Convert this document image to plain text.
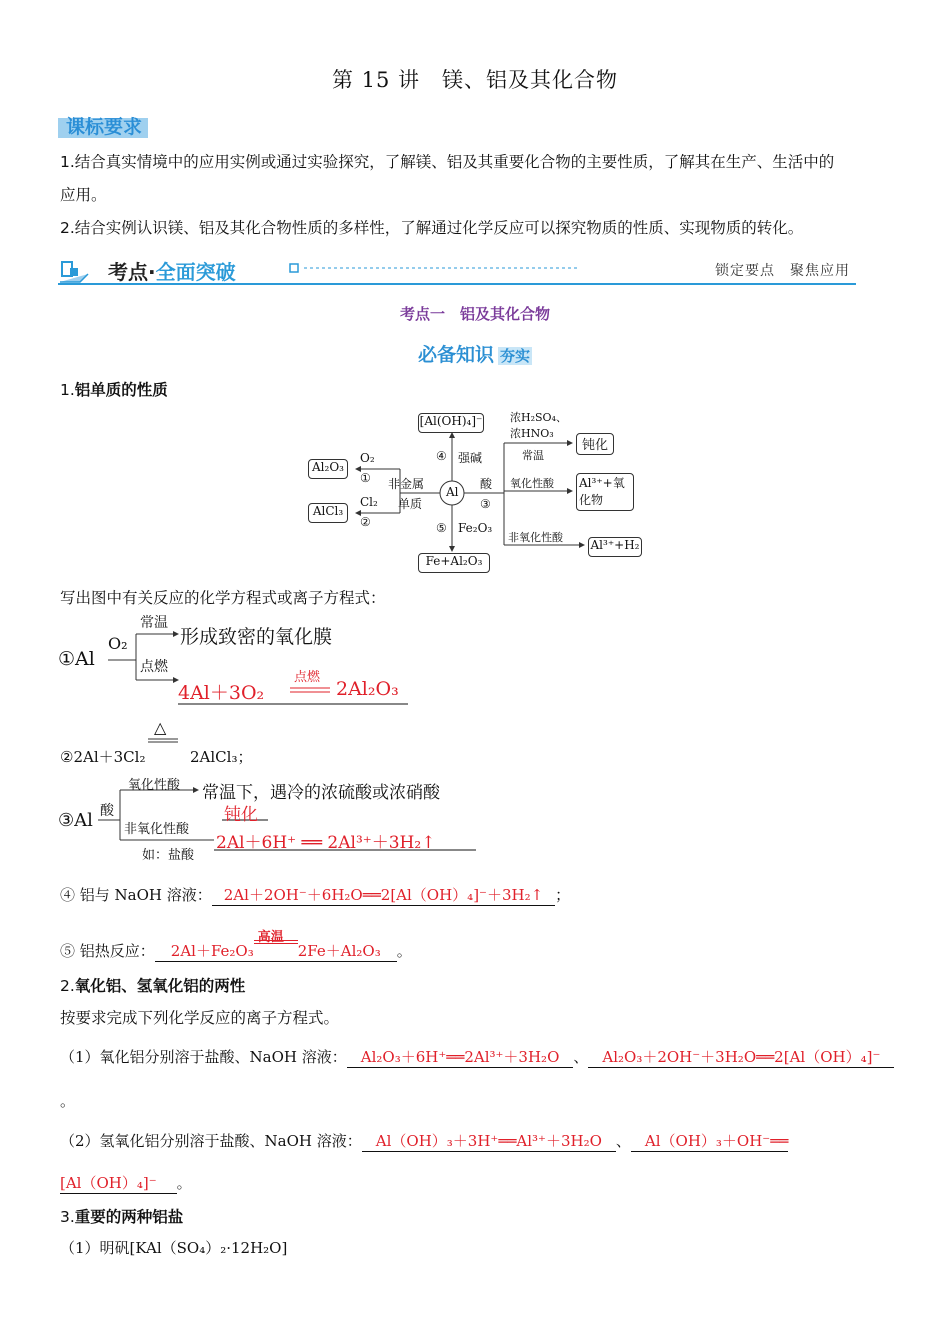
第 15 讲　镁、铝及其化合物
课标要求
1.结合真实情境中的应用实例或通过实验探究，了解镁、铝及其重要化合物的主要性质，了解其在生产、生活中的
应用。
2.结合实例认识镁、铝及其化合物性质的多样性，了解通过化学反应可以探究物质的性质、实现物质的转化。
考点·全面突破	锁定要点　聚焦应用
考点一　铝及其化合物
必备知识 夯实
1.铝单质的性质
Al
Al₂O₃
AlCl₃
O₂
①
Cl₂
②
非金属
单质
[Al(OH)₄]⁻
④ 强碱
⑤ Fe₂O₃
Fe+Al₂O₃
酸
③
浓H₂SO₄、
浓HNO₃
常温
钝化
氧化性酸 Al³⁺+氧
化物
非氧化性酸
Al³⁺+H₂
写出图中有关反应的化学方程式或离子方程式：
①Al
O₂
常温
形成致密的氧化膜
点燃
4Al＋3O₂
点燃
2Al₂O₃
△
②2Al＋3Cl₂	2AlCl₃；
③Al 酸
氧化性酸 常温下，遇冷的浓硫酸或浓硝酸
钝化
非氧化性酸
如：盐酸
2Al＋6H⁺ ══ 2Al³⁺＋3H₂↑
④ 铝与 NaOH 溶液： 2Al＋2OH⁻＋6H₂O══2[Al（OH）₄]⁻＋3H₂↑ ；
⑤ 铝热反应： 2Al＋Fe₂O₃
高温
2Fe＋Al₂O₃ 。
2.氧化铝、氢氧化铝的两性
按要求完成下列化学反应的离子方程式。
（1）氧化铝分别溶于盐酸、NaOH 溶液： Al₂O₃＋6H⁺══2Al³⁺＋3H₂O 、 Al₂O₃＋2OH⁻＋3H₂O══2[Al（OH）₄]⁻
。
（2）氢氧化铝分别溶于盐酸、NaOH 溶液： Al（OH）₃＋3H⁺══Al³⁺＋3H₂O 、 Al（OH）₃＋OH⁻══
[Al（OH）₄]⁻ 。
3.重要的两种铝盐
（1）明矾[KAl（SO₄）₂·12H₂O]
